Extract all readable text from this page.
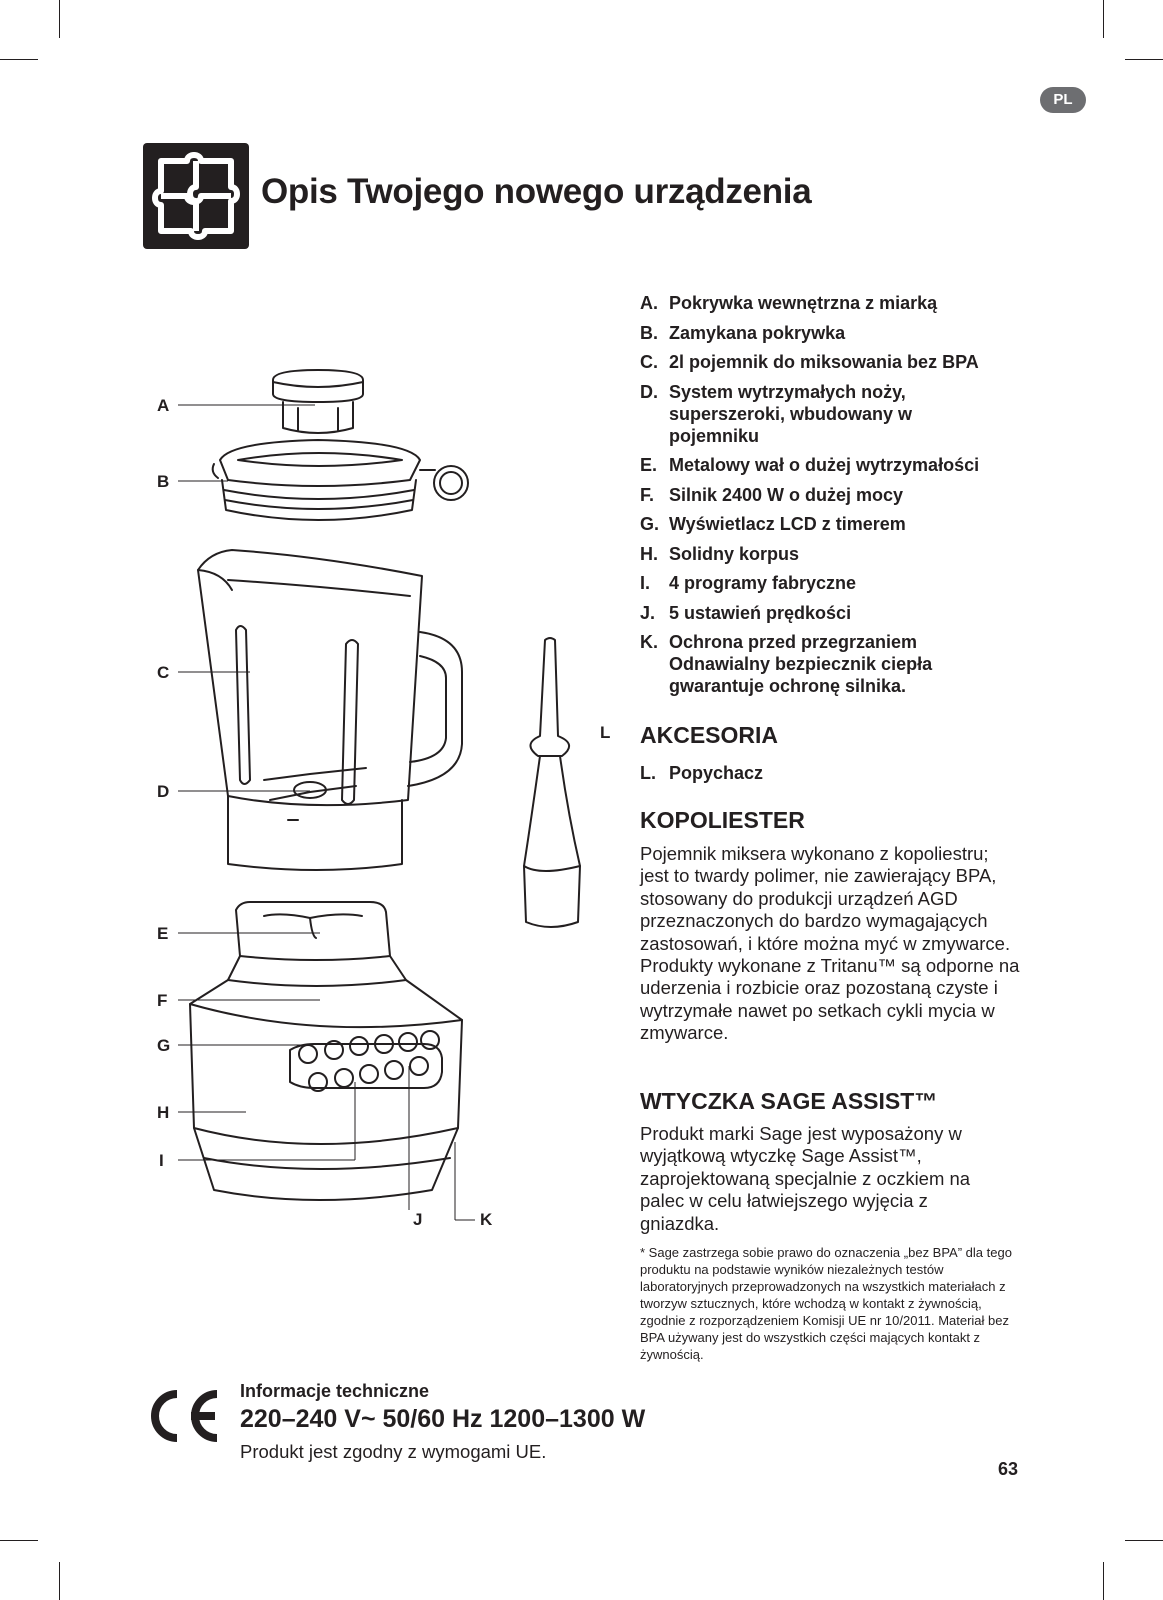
PL
Opis Twojego nowego urządzenia
A
B
C
D
E
F
G
H
I
J	K
L
A. Pokrywka wewnętrzna z miarką
B. Zamykana pokrywka
C. 2l pojemnik do miksowania bez BPA
D. System wytrzymałych noży, superszeroki, wbudowany w pojemniku
E. Metalowy wał o dużej wytrzymałości
F. Silnik 2400 W o dużej mocy
G. Wyświetlacz LCD z timerem
H. Solidny korpus
I. 4 programy fabryczne
J. 5 ustawień prędkości
K. Ochrona przed przegrzaniem Odnawialny bezpiecznik ciepła gwarantuje ochronę silnika.
AKCESORIA
L. Popychacz
KOPOLIESTER

Pojemnik miksera wykonano z kopoliestru; jest to twardy polimer, nie zawierający BPA, stosowany do produkcji urządzeń AGD przeznaczonych do bardzo wymagających zastosowań, i które można myć w zmywarce. Produkty wykonane z Tritanu™ są odporne na uderzenia i rozbicie oraz pozostaną czyste i wytrzymałe nawet po setkach cykli mycia w zmywarce.

WTYCZKA SAGE ASSIST™

Produkt marki Sage jest wyposażony w wyjątkową wtyczkę Sage Assist™, zaprojektowaną specjalnie z oczkiem na palec w celu łatwiejszego wyjęcia z gniazdka.

* Sage zastrzega sobie prawo do oznaczenia „bez BPA” dla tego produktu na podstawie wyników niezależnych testów laboratoryjnych przeprowadzonych na wszystkich materiałach z tworzyw sztucznych, które wchodzą w kontakt z żywnością, zgodnie z rozporządzeniem Komisji UE nr 10/2011. Materiał bez BPA używany jest do wszystkich części mających kontakt z żywnością.

Informacje techniczne

220–240 V~ 50/60 Hz 1200–1300 W

Produkt jest zgodny z wymogami UE.

63
